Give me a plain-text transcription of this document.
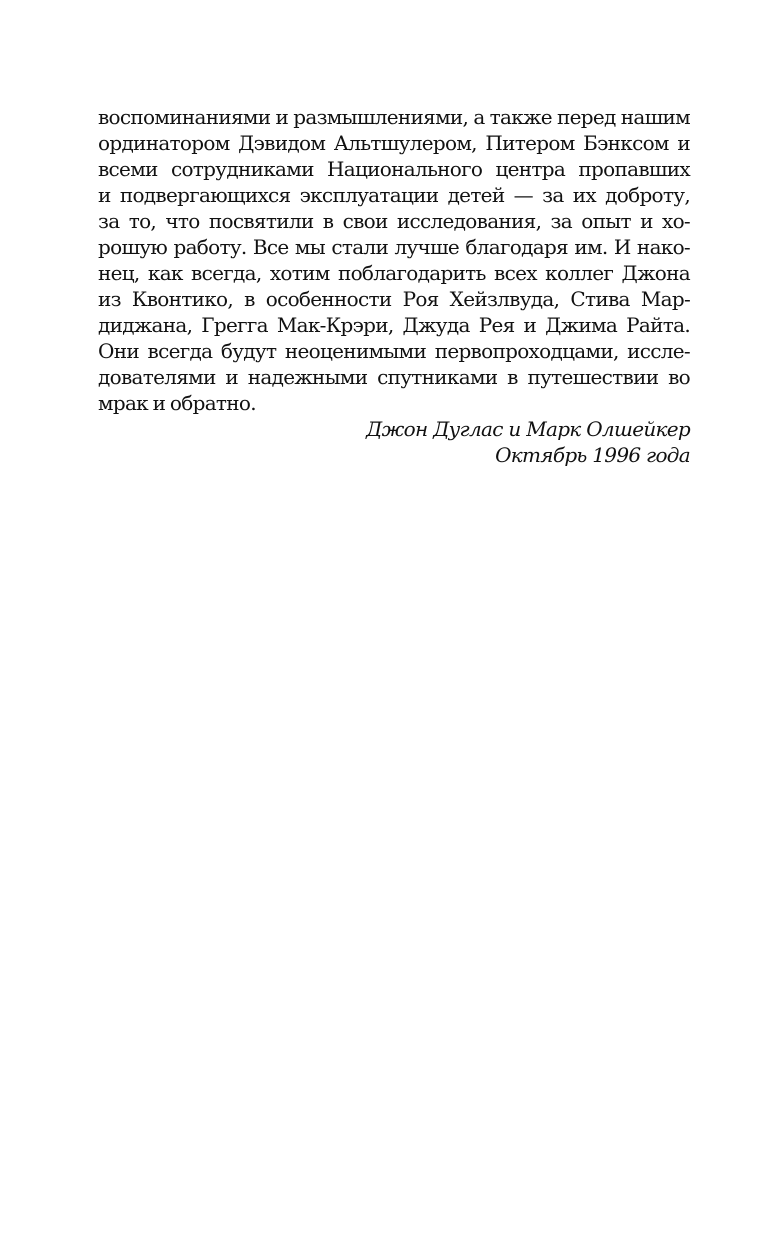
воспоминаниями и размышлениями, а также перед нашим
ординатором Дэвидом Альтшулером, Питером Бэнксом и
всеми сотрудниками Национального центра пропавших
и подвергающихся эксплуатации детей — за их доброту,
за то, что посвятили в свои исследования, за опыт и хо-
рошую работу. Все мы стали лучше благодаря им. И нако-
нец, как всегда, хотим поблагодарить всех коллег Джона
из Квонтико, в особенности Роя Хейзлвуда, Стива Мар-
диджана, Грегга Мак-Крэри, Джуда Рея и Джима Райта.
Они всегда будут неоценимыми первопроходцами, иссле-
дователями и надежными спутниками в путешествии во
мрак и обратно.
Джон Дуглас и Марк Олшейкер
Октябрь 1996 года
